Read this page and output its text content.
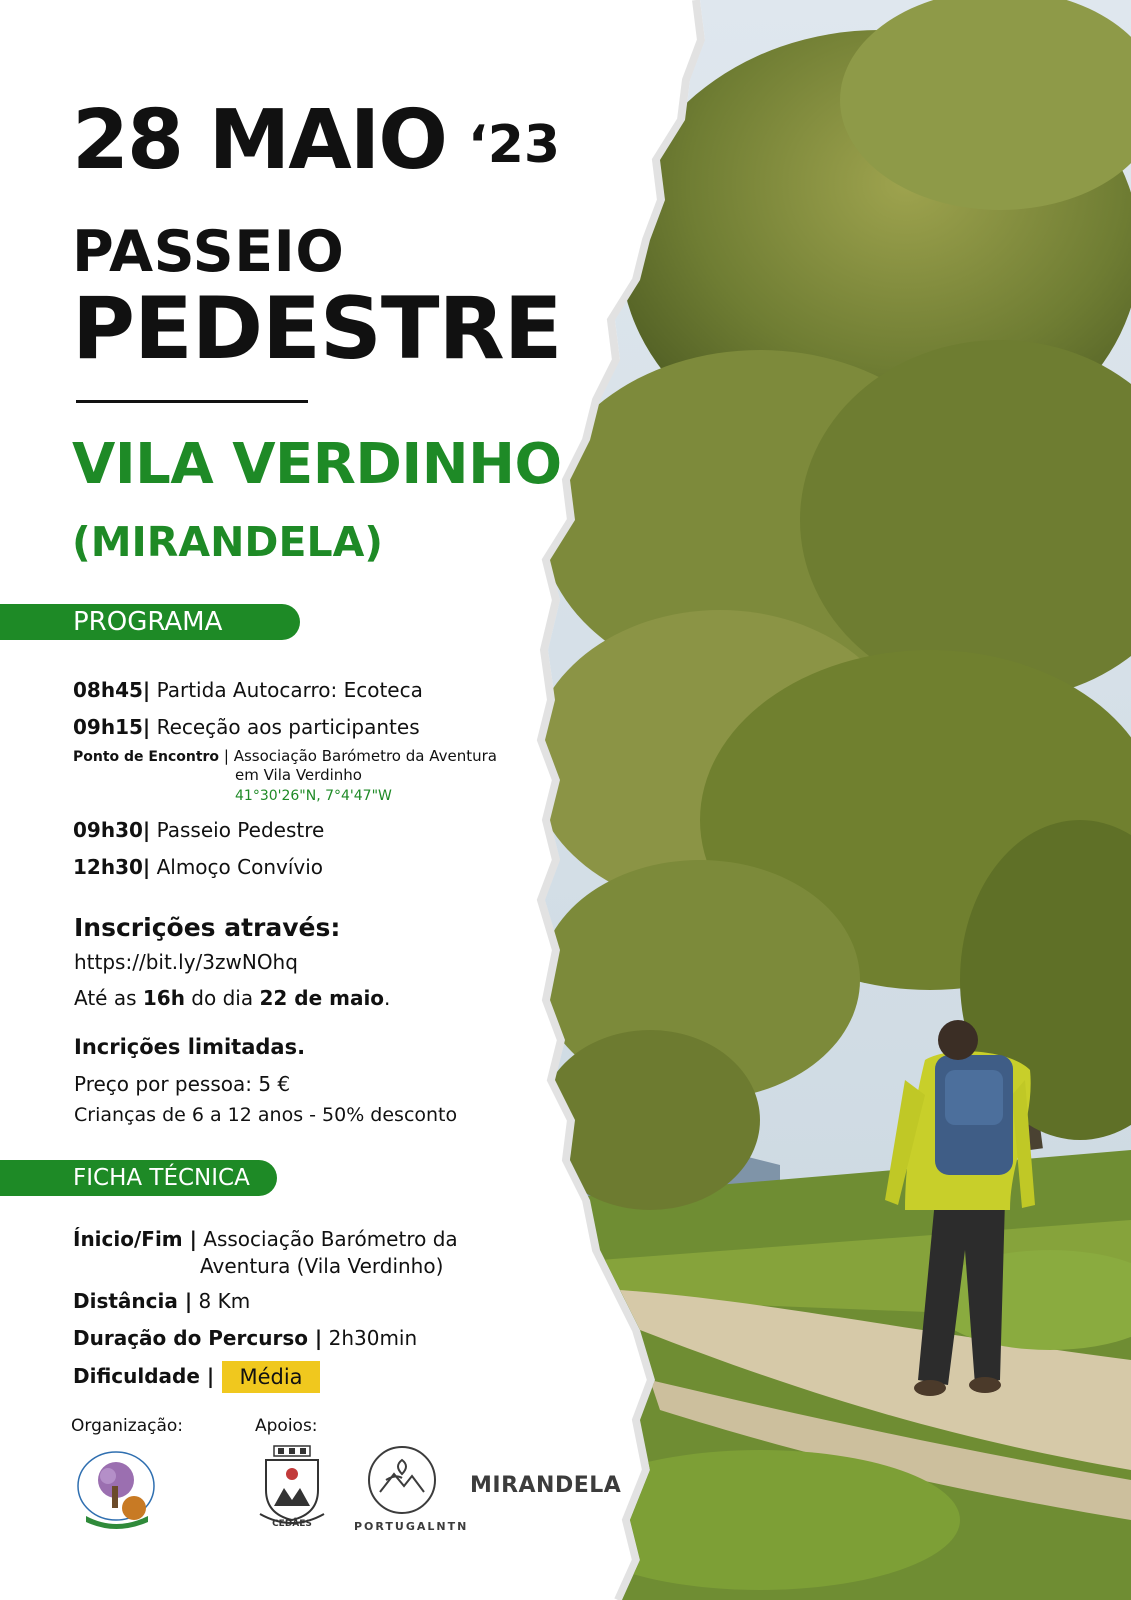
28 MAIO ‘23
PASSEIO
PEDESTRE
VILA VERDINHO
(MIRANDELA)
PROGRAMA
08h45| Partida Autocarro: Ecoteca
09h15| Receção aos participantes
Ponto de Encontro | Associação Barómetro da Aventura
em Vila Verdinho
41°30'26"N, 7°4'47"W
09h30| Passeio Pedestre
12h30| Almoço Convívio
Inscrições através:
https://bit.ly/3zwNOhq
Até as 16h do dia 22 de maio.
Incrições limitadas.
Preço por pessoa: 5 €
Crianças de 6 a 12 anos - 50% desconto
FICHA TÉCNICA
Ínicio/Fim | Associação Barómetro da
Aventura (Vila Verdinho)
Distância | 8 Km
Duração do Percurso | 2h30min
Dificuldade |	Média
Organização:	Apoios:
CEDÃES	PORTUGALNTN
MIRANDELA
